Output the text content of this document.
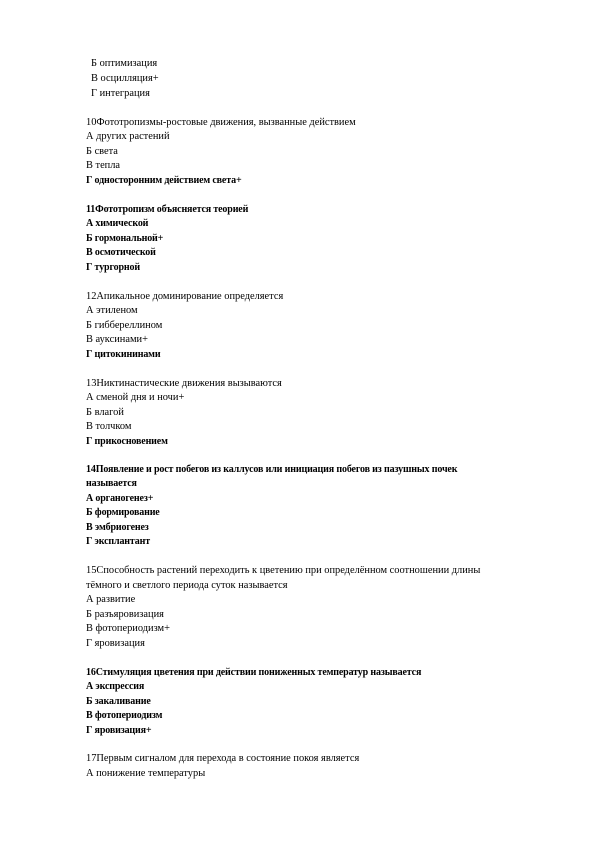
Б оптимизация
В осцилляция+
Г интеграция
10Фототропизмы-ростовые движения, вызванные действием
А других растений
Б света
В тепла
Г односторонним действием света+
11Фототропизм объясняется теорией
А химической
Б гормональной+
В осмотической
Г тургорной
12Апикальное доминирование определяется
А этиленом
Б гиббереллином
В ауксинами+
Г цитокининами
13Никтинастические движения вызываются
А сменой дня и ночи+
Б влагой
В толчком
Г прикосновением
14Появление и рост побегов из каллусов или инициация побегов из пазушных почек
называется
А органогенез+
Б формирование
В эмбриогенез
Г эксплантант
15Способность растений переходить к цветению при определённом соотношении длины
тёмного и светлого периода суток называется
А развитие
Б разъяровизация
В фотопериодизм+
Г яровизация
16Стимуляция цветения при действии пониженных температур называется
А экспрессия
Б закаливание
В фотопериодизм
Г яровизация+
17Первым сигналом для перехода в состояние покоя является
А понижение температуры
